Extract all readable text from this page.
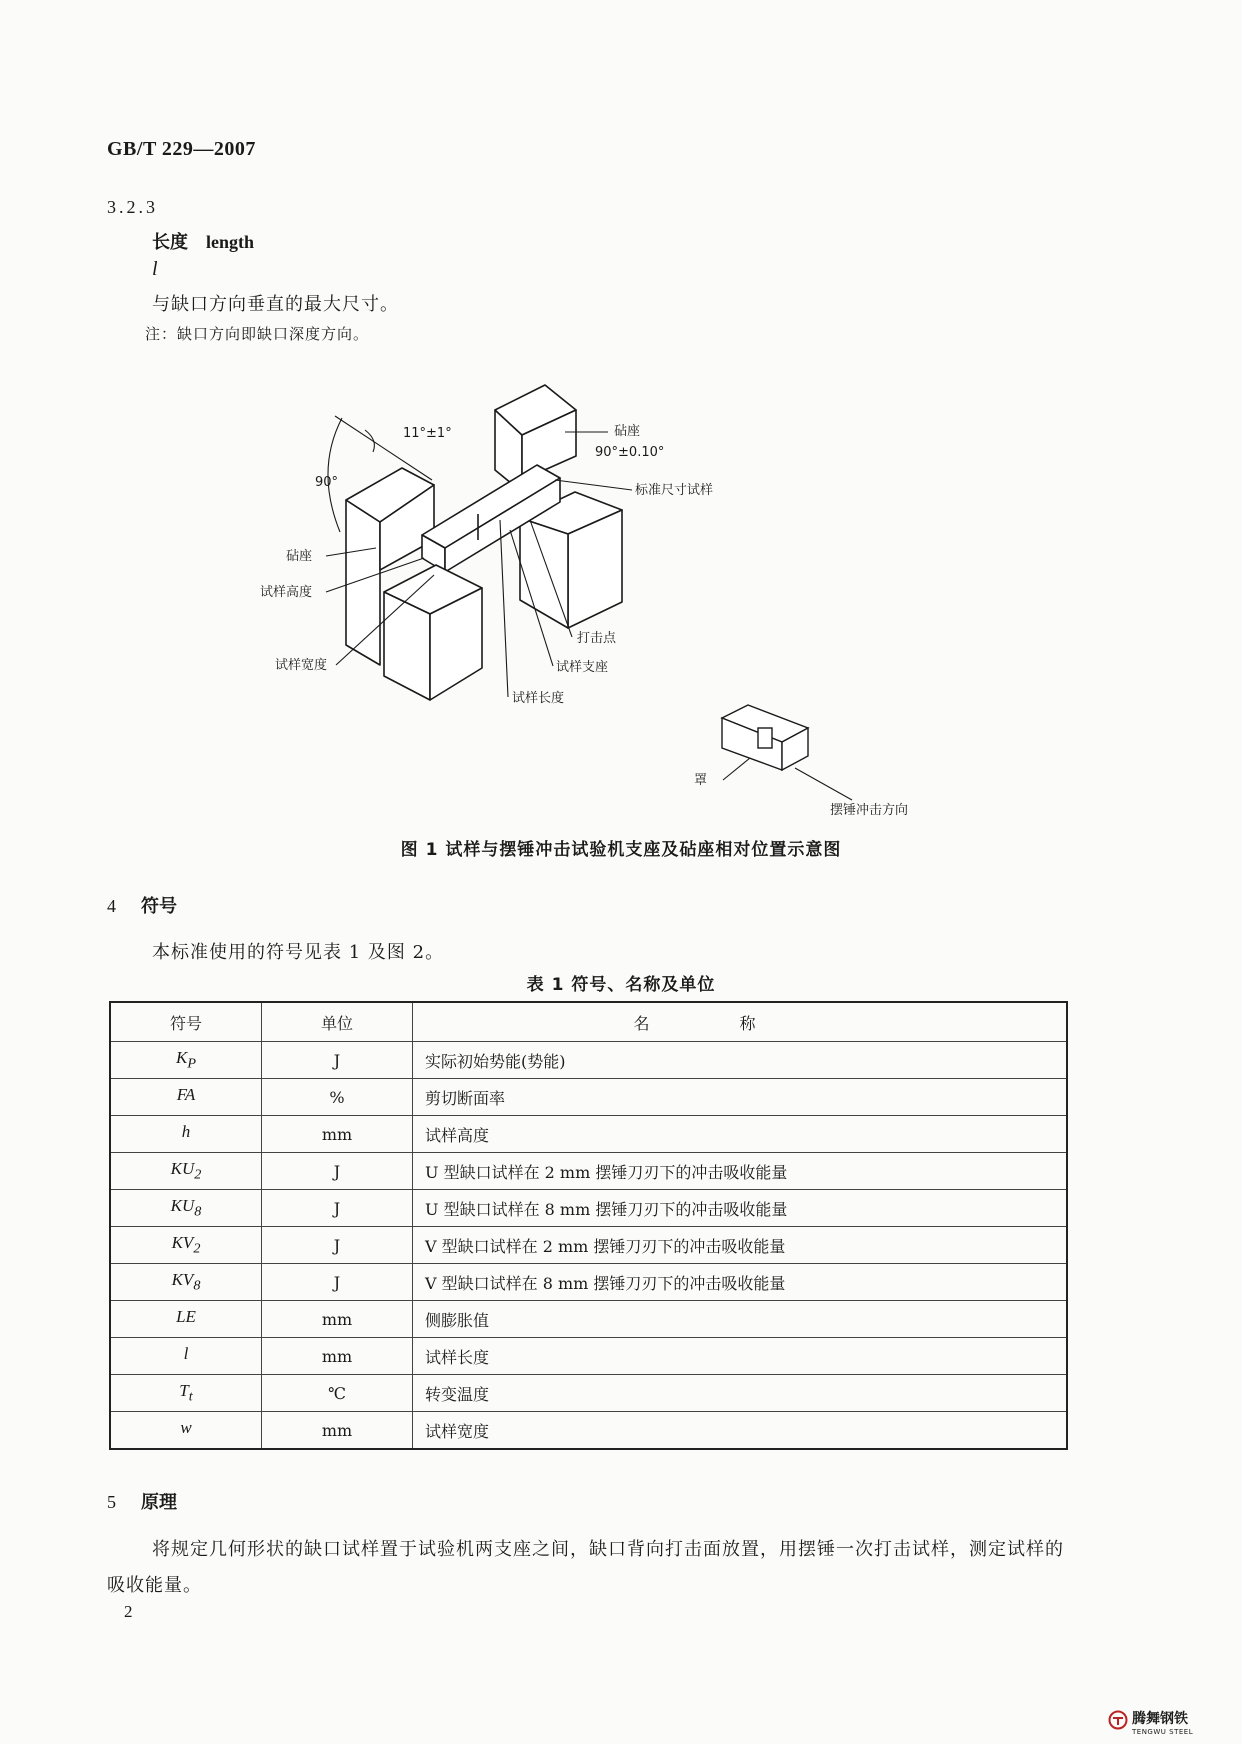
GB/T 229—2007
3.2.3
长度 length
l
与缺口方向垂直的最大尺寸。
注：缺口方向即缺口深度方向。
11°±1°
90°
砧座
90°±0.10°
标准尺寸试样
砧座
试样高度
试样宽度
打击点
试样支座
试样长度
罩
摆锤冲击方向
图 1 试样与摆锤冲击试验机支座及砧座相对位置示意图
4 符号
本标准使用的符号见表 1 及图 2。
表 1 符号、名称及单位
符号	单位	名称
$K_P$	J	实际初始势能(势能)
FA	%	剪切断面率
h	mm	试样高度
$KU_2$	J	U 型缺口试样在 2 mm 摆锤刀刃下的冲击吸收能量
$KU_8$	J	U 型缺口试样在 8 mm 摆锤刀刃下的冲击吸收能量
$KV_2$	J	V 型缺口试样在 2 mm 摆锤刀刃下的冲击吸收能量
$KV_8$	J	V 型缺口试样在 8 mm 摆锤刀刃下的冲击吸收能量
LE	mm	侧膨胀值
l	mm	试样长度
$T_t$	℃	转变温度
w	mm	试样宽度
5 原理
将规定几何形状的缺口试样置于试验机两支座之间，缺口背向打击面放置，用摆锤一次打击试样，测定试样的吸收能量。
2
腾舞钢铁
TENGWU STEEL
